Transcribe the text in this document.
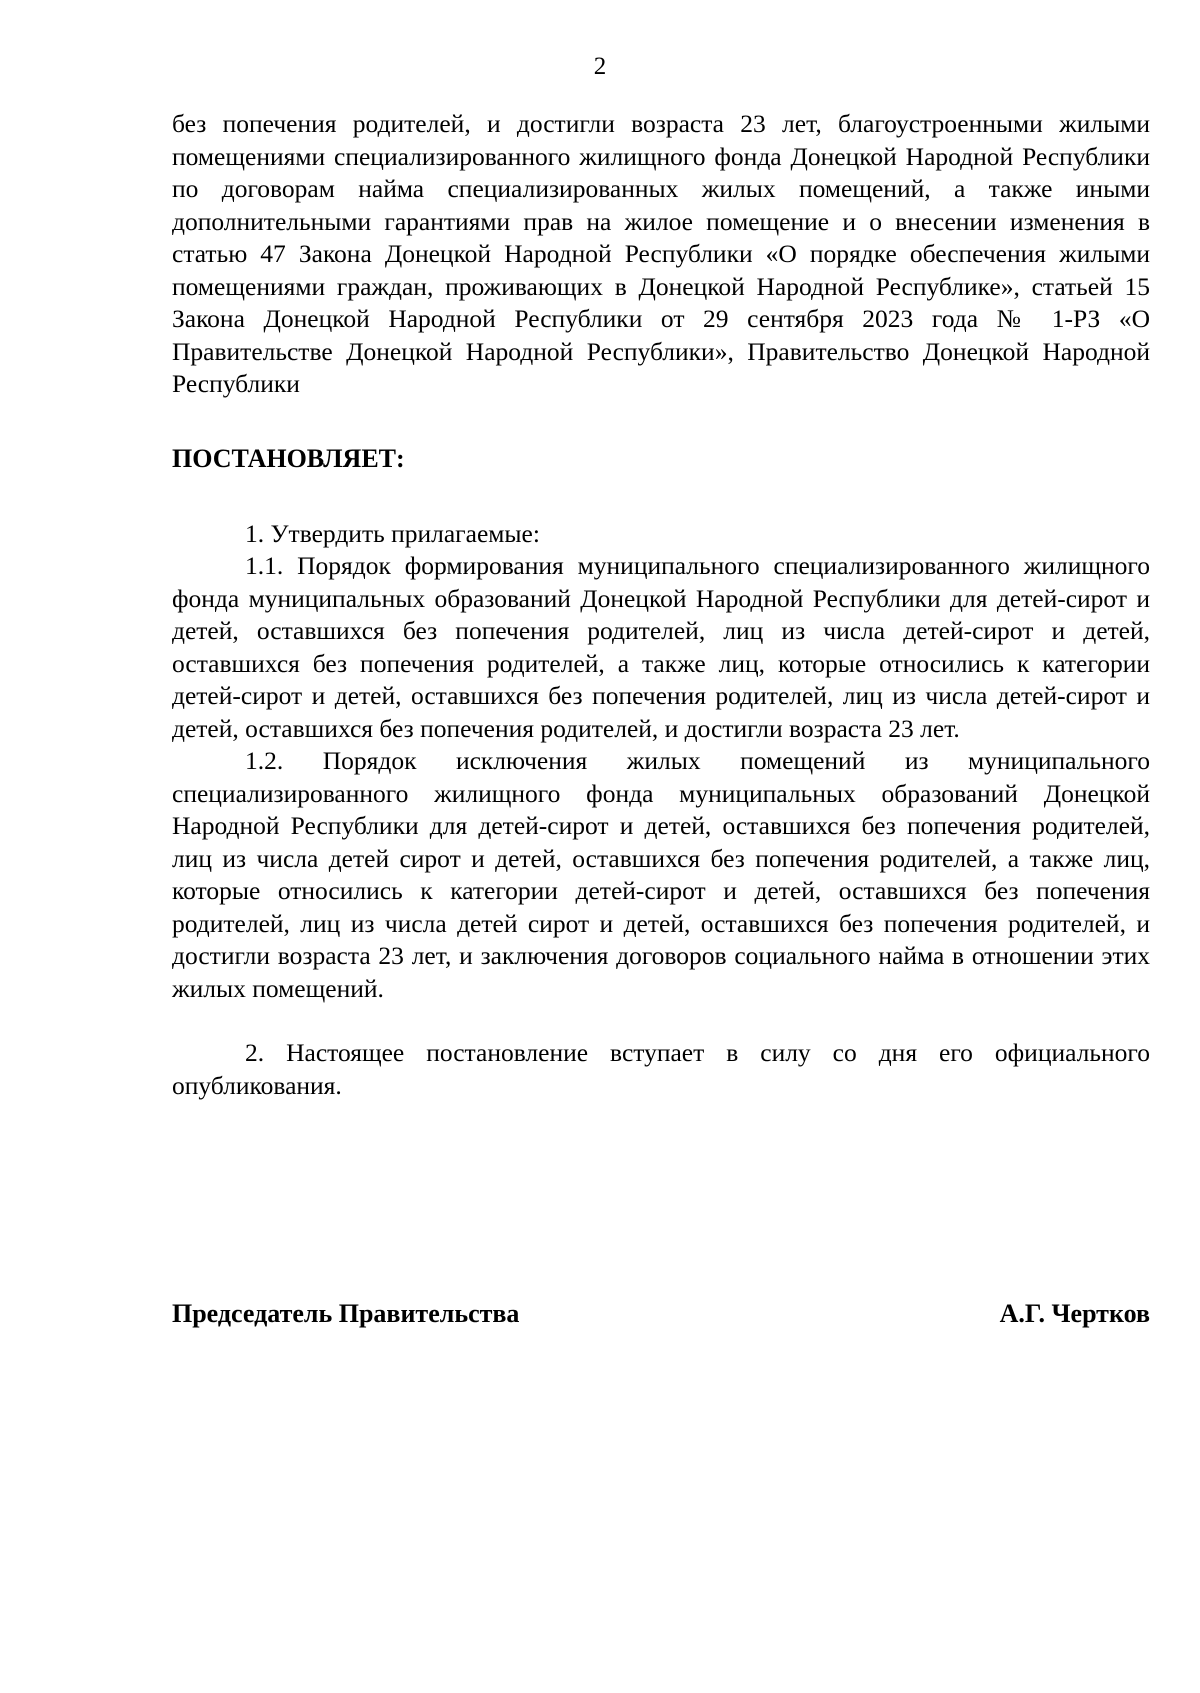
2

без попечения родителей, и достигли возраста 23 лет, благоустроенными жилыми помещениями специализированного жилищного фонда Донецкой Народной Республики по договорам найма специализированных жилых помещений, а также иными дополнительными гарантиями прав на жилое помещение и о внесении изменения в статью 47 Закона Донецкой Народной Республики «О порядке обеспечения жилыми помещениями граждан, проживающих в Донецкой Народной Республике», статьей 15 Закона Донецкой Народной Республики от 29 сентября 2023 года № 1-РЗ «О Правительстве Донецкой Народной Республики», Правительство Донецкой Народной Республики

ПОСТАНОВЛЯЕТ:

1. Утвердить прилагаемые:

1.1. Порядок формирования муниципального специализированного жилищного фонда муниципальных образований Донецкой Народной Республики для детей-сирот и детей, оставшихся без попечения родителей, лиц из числа детей-сирот и детей, оставшихся без попечения родителей, а также лиц, которые относились к категории детей-сирот и детей, оставшихся без попечения родителей, лиц из числа детей-сирот и детей, оставшихся без попечения родителей, и достигли возраста 23 лет.

1.2. Порядок исключения жилых помещений из муниципального специализированного жилищного фонда муниципальных образований Донецкой Народной Республики для детей-сирот и детей, оставшихся без попечения родителей, лиц из числа детей сирот и детей, оставшихся без попечения родителей, а также лиц, которые относились к категории детей-сирот и детей, оставшихся без попечения родителей, лиц из числа детей сирот и детей, оставшихся без попечения родителей, и достигли возраста 23 лет, и заключения договоров социального найма в отношении этих жилых помещений.

2. Настоящее постановление вступает в силу со дня его официального опубликования.

Председатель Правительства	А.Г. Чертков
